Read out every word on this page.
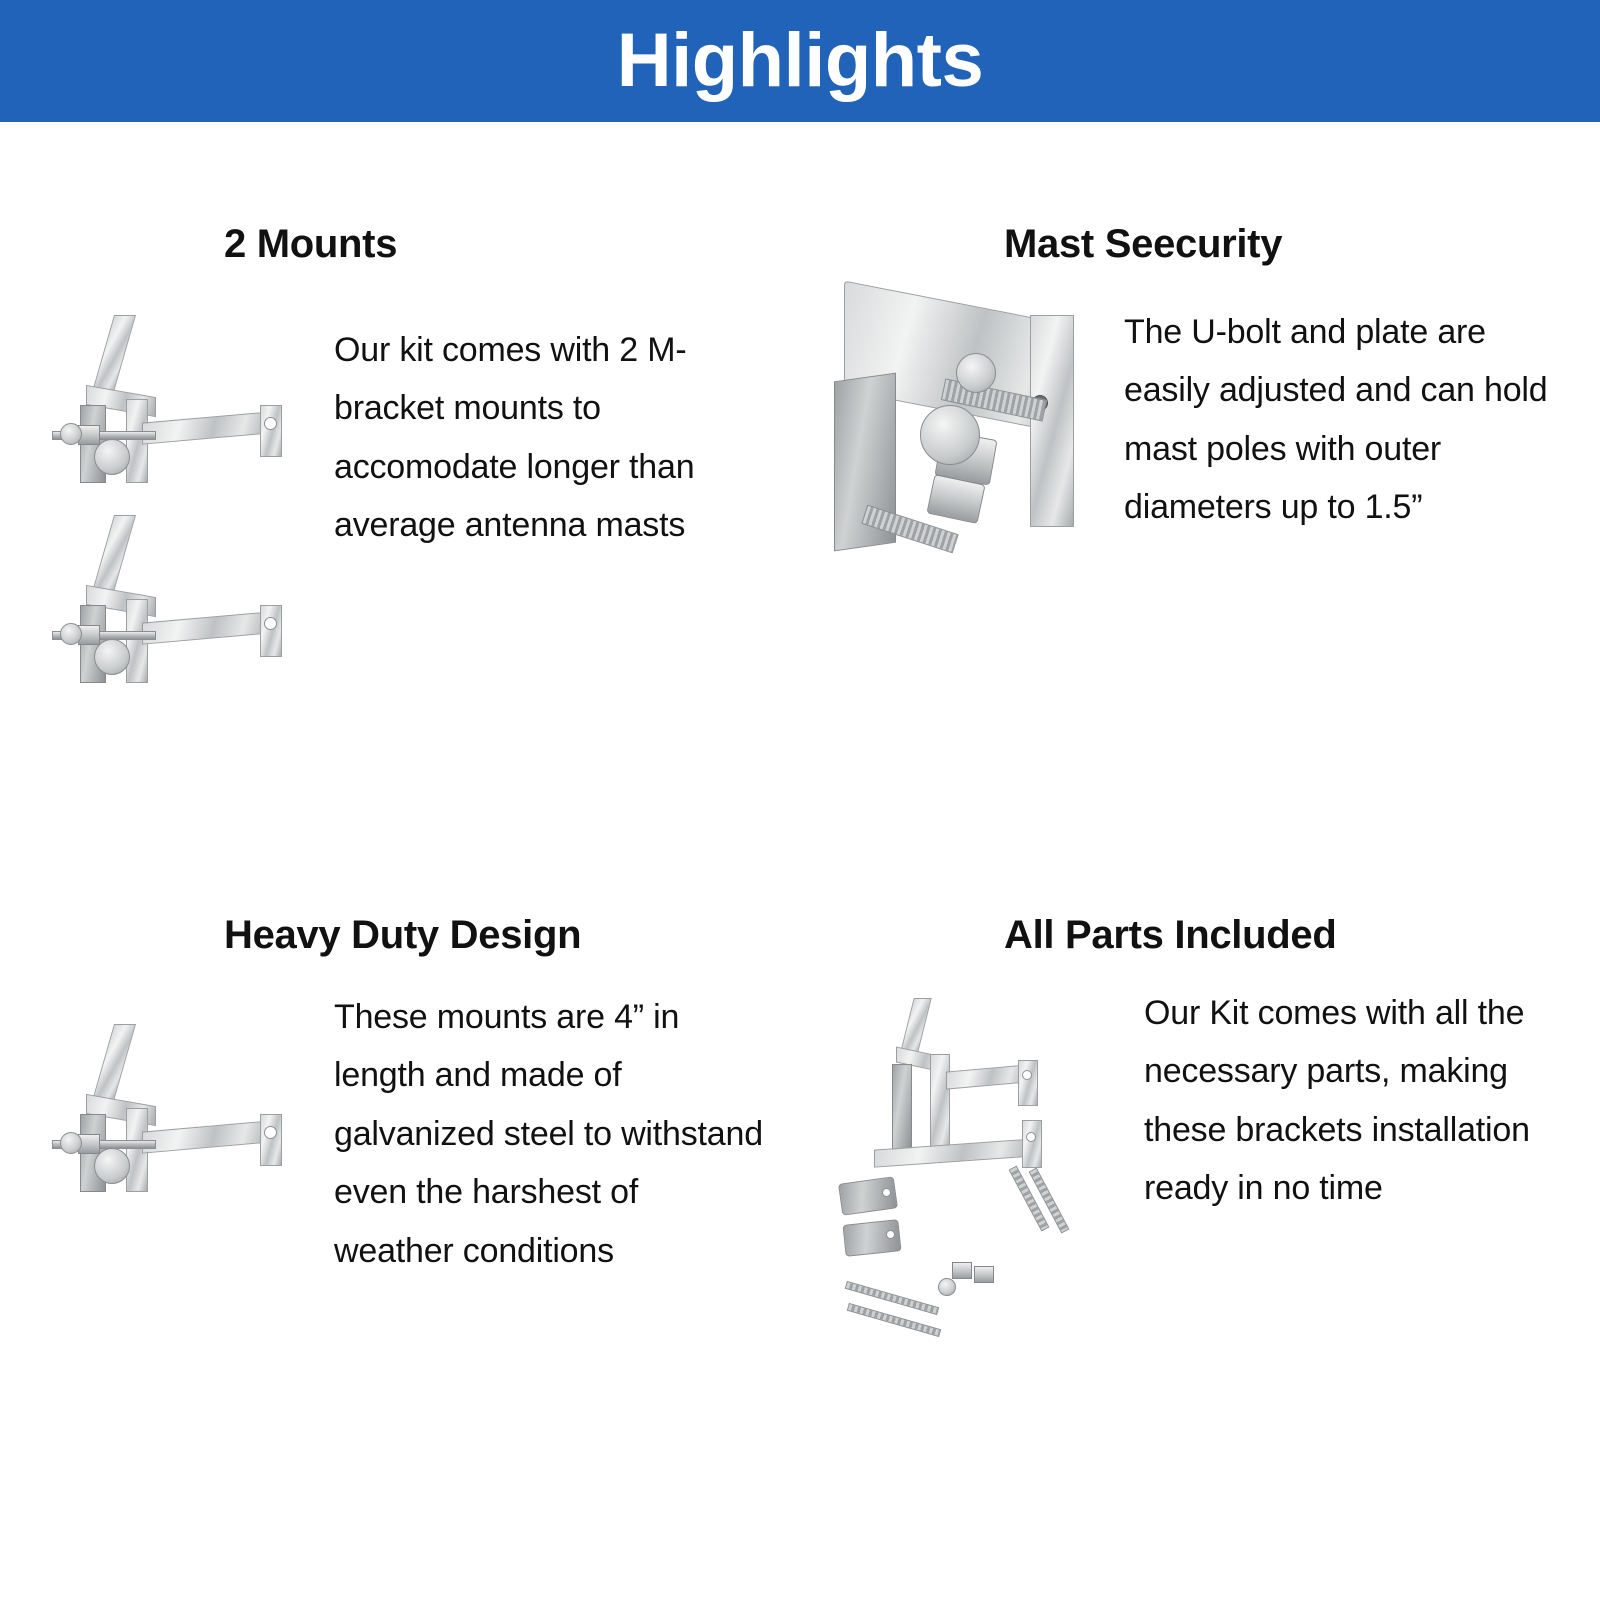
Highlights
2 Mounts
Our kit comes with 2 M-bracket mounts to accomodate longer than average antenna masts
Mast Seecurity
The U-bolt and plate are easily adjusted and can hold mast poles with outer diameters up to 1.5”
Heavy Duty Design
These mounts are 4” in length and made of galvanized steel to withstand even the harshest of weather conditions
All Parts Included
Our Kit comes with all the necessary parts, making these brackets installation ready in no time
